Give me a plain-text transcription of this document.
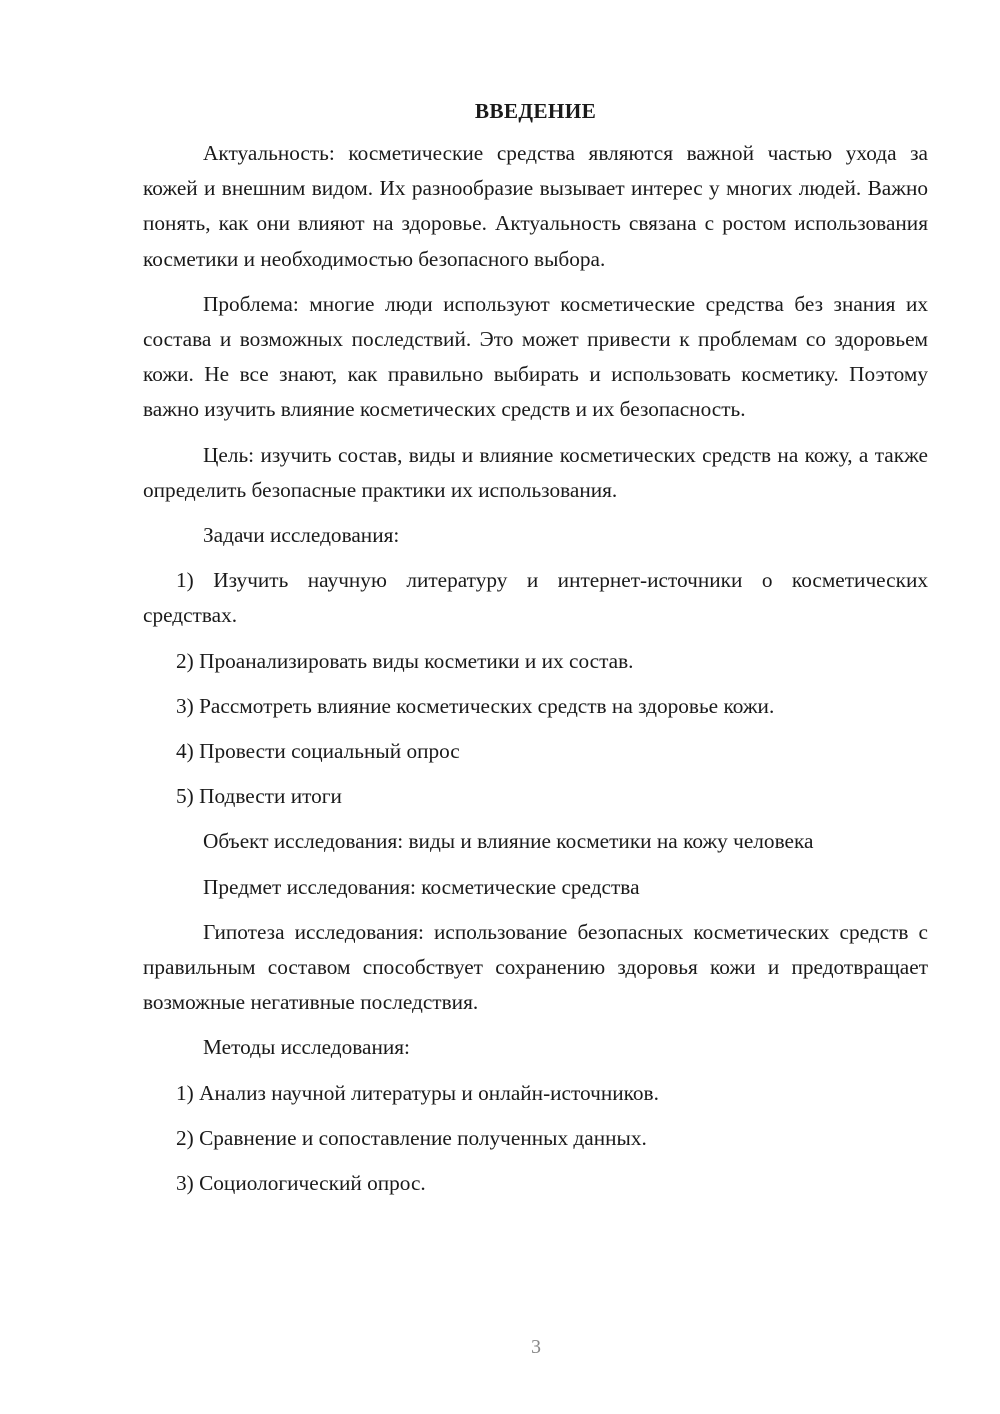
ВВЕДЕНИЕ

Актуальность: косметические средства являются важной частью ухода за кожей и внешним видом. Их разнообразие вызывает интерес у многих людей. Важно понять, как они влияют на здоровье. Актуальность связана с ростом использования косметики и необходимостью безопасного выбора.

Проблема: многие люди используют косметические средства без знания их состава и возможных последствий. Это может привести к проблемам со здоровьем кожи. Не все знают, как правильно выбирать и использовать косметику. Поэтому важно изучить влияние косметических средств и их безопасность.

Цель: изучить состав, виды и влияние косметических средств на кожу, а также определить безопасные практики их использования.

Задачи исследования:

1) Изучить научную литературу и интернет-источники о косметических средствах.

2) Проанализировать виды косметики и их состав.
3) Рассмотреть влияние косметических средств на здоровье кожи.
4) Провести социальный опрос
5) Подвести итоги
Объект исследования: виды и влияние косметики на кожу человека
Предмет исследования: косметические средства

Гипотеза исследования: использование безопасных косметических средств с правильным составом способствует сохранению здоровья кожи и предотвращает возможные негативные последствия.

Методы исследования:
1) Анализ научной литературы и онлайн-источников.
2) Сравнение и сопоставление полученных данных.
3) Социологический опрос.
3
